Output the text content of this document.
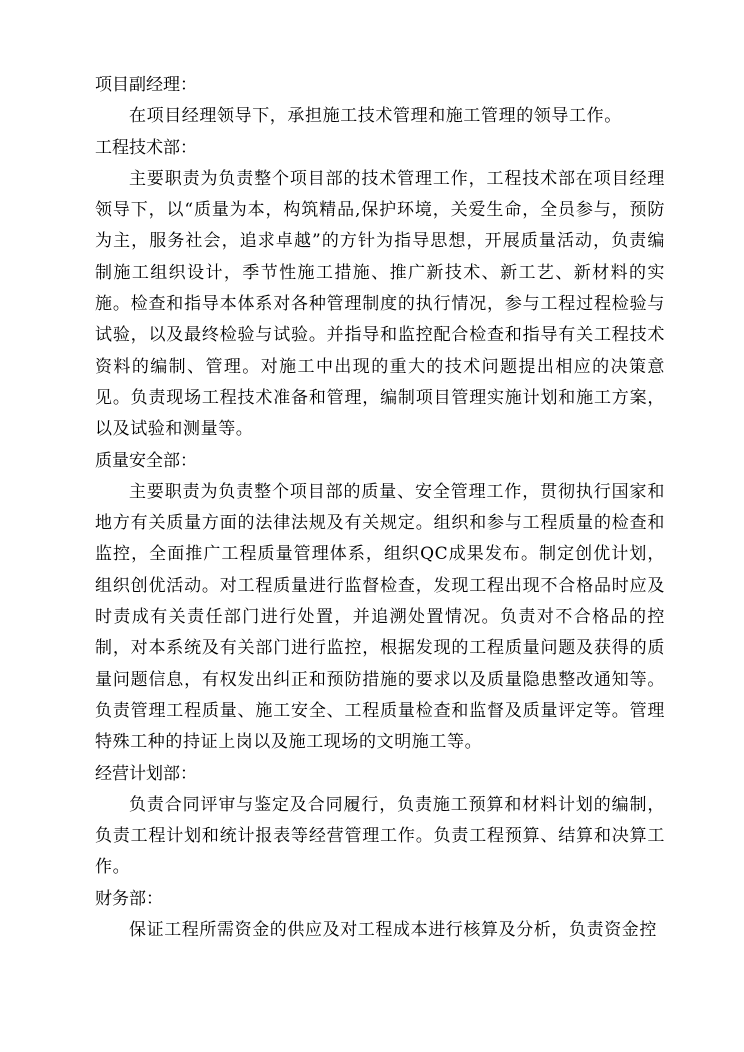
项目副经理：

在项目经理领导下，承担施工技术管理和施工管理的领导工作。

工程技术部：

主要职责为负责整个项目部的技术管理工作，工程技术部在项目经理领导下，以“质量为本，构筑精品,保护环境，关爱生命，全员参与，预防为主，服务社会，追求卓越”的方针为指导思想，开展质量活动，负责编制施工组织设计，季节性施工措施、推广新技术、新工艺、新材料的实施。检查和指导本体系对各种管理制度的执行情况，参与工程过程检验与试验，以及最终检验与试验。并指导和监控配合检查和指导有关工程技术资料的编制、管理。对施工中出现的重大的技术问题提出相应的决策意见。负责现场工程技术准备和管理，编制项目管理实施计划和施工方案，以及试验和测量等。

质量安全部：

主要职责为负责整个项目部的质量、安全管理工作，贯彻执行国家和地方有关质量方面的法律法规及有关规定。组织和参与工程质量的检查和监控，全面推广工程质量管理体系，组织QC成果发布。制定创优计划，组织创优活动。对工程质量进行监督检查，发现工程出现不合格品时应及时责成有关责任部门进行处置，并追溯处置情况。负责对不合格品的控制，对本系统及有关部门进行监控，根据发现的工程质量问题及获得的质量问题信息，有权发出纠正和预防措施的要求以及质量隐患整改通知等。负责管理工程质量、施工安全、工程质量检查和监督及质量评定等。管理特殊工种的持证上岗以及施工现场的文明施工等。

经营计划部：

负责合同评审与鉴定及合同履行，负责施工预算和材料计划的编制，负责工程计划和统计报表等经营管理工作。负责工程预算、结算和决算工作。

财务部：

保证工程所需资金的供应及对工程成本进行核算及分析，负责资金控
